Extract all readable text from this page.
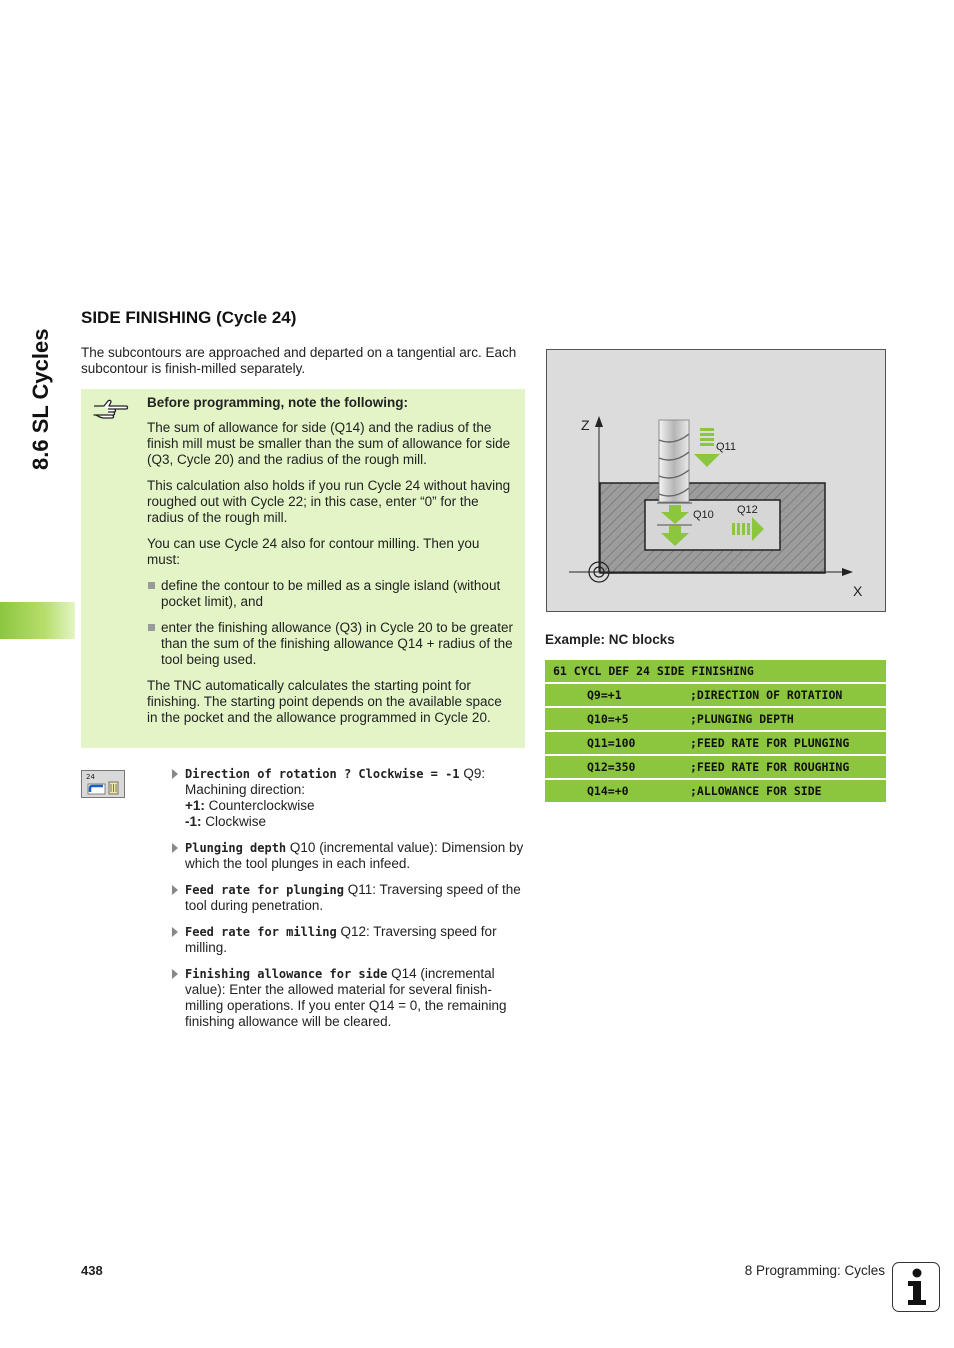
8.6 SL Cycles
SIDE FINISHING (Cycle 24)

The subcontours are approached and departed on a tangential arc. Each subcontour is finish-milled separately.

Before programming, note the following:

The sum of allowance for side (Q14) and the radius of the finish mill must be smaller than the sum of allowance for side (Q3, Cycle 20) and the radius of the rough mill.

This calculation also holds if you run Cycle 24 without having roughed out with Cycle 22; in this case, enter “0” for the radius of the rough mill.

You can use Cycle 24 also for contour milling. Then you must:

define the contour to be milled as a single island (without pocket limit), and
enter the finishing allowance (Q3) in Cycle 20 to be greater than the sum of the finishing allowance Q14 + radius of the tool being used.

The TNC automatically calculates the starting point for finishing. The starting point depends on the available space in the pocket and the allowance programmed in Cycle 20.

24	Direction of rotation ? Clockwise = -1 Q9: Machining direction:
+1: Counterclockwise
-1: Clockwise
Plunging depth Q10 (incremental value): Dimension by which the tool plunges in each infeed.
Feed rate for plunging Q11: Traversing speed of the tool during penetration.
Feed rate for milling Q12: Traversing speed for milling.
Finishing allowance for side Q14 (incremental value): Enter the allowed material for several finish-milling operations. If you enter Q14 = 0, the remaining finishing allowance will be cleared.
Z
X
Q11
Q10 Q12
Example: NC blocks
61 CYCL DEF 24 SIDE FINISHING
Q9=+1	;DIRECTION OF ROTATION
Q10=+5	;PLUNGING DEPTH
Q11=100	;FEED RATE FOR PLUNGING
Q12=350	;FEED RATE FOR ROUGHING
Q14=+0	;ALLOWANCE FOR SIDE
438	8 Programming: Cycles
